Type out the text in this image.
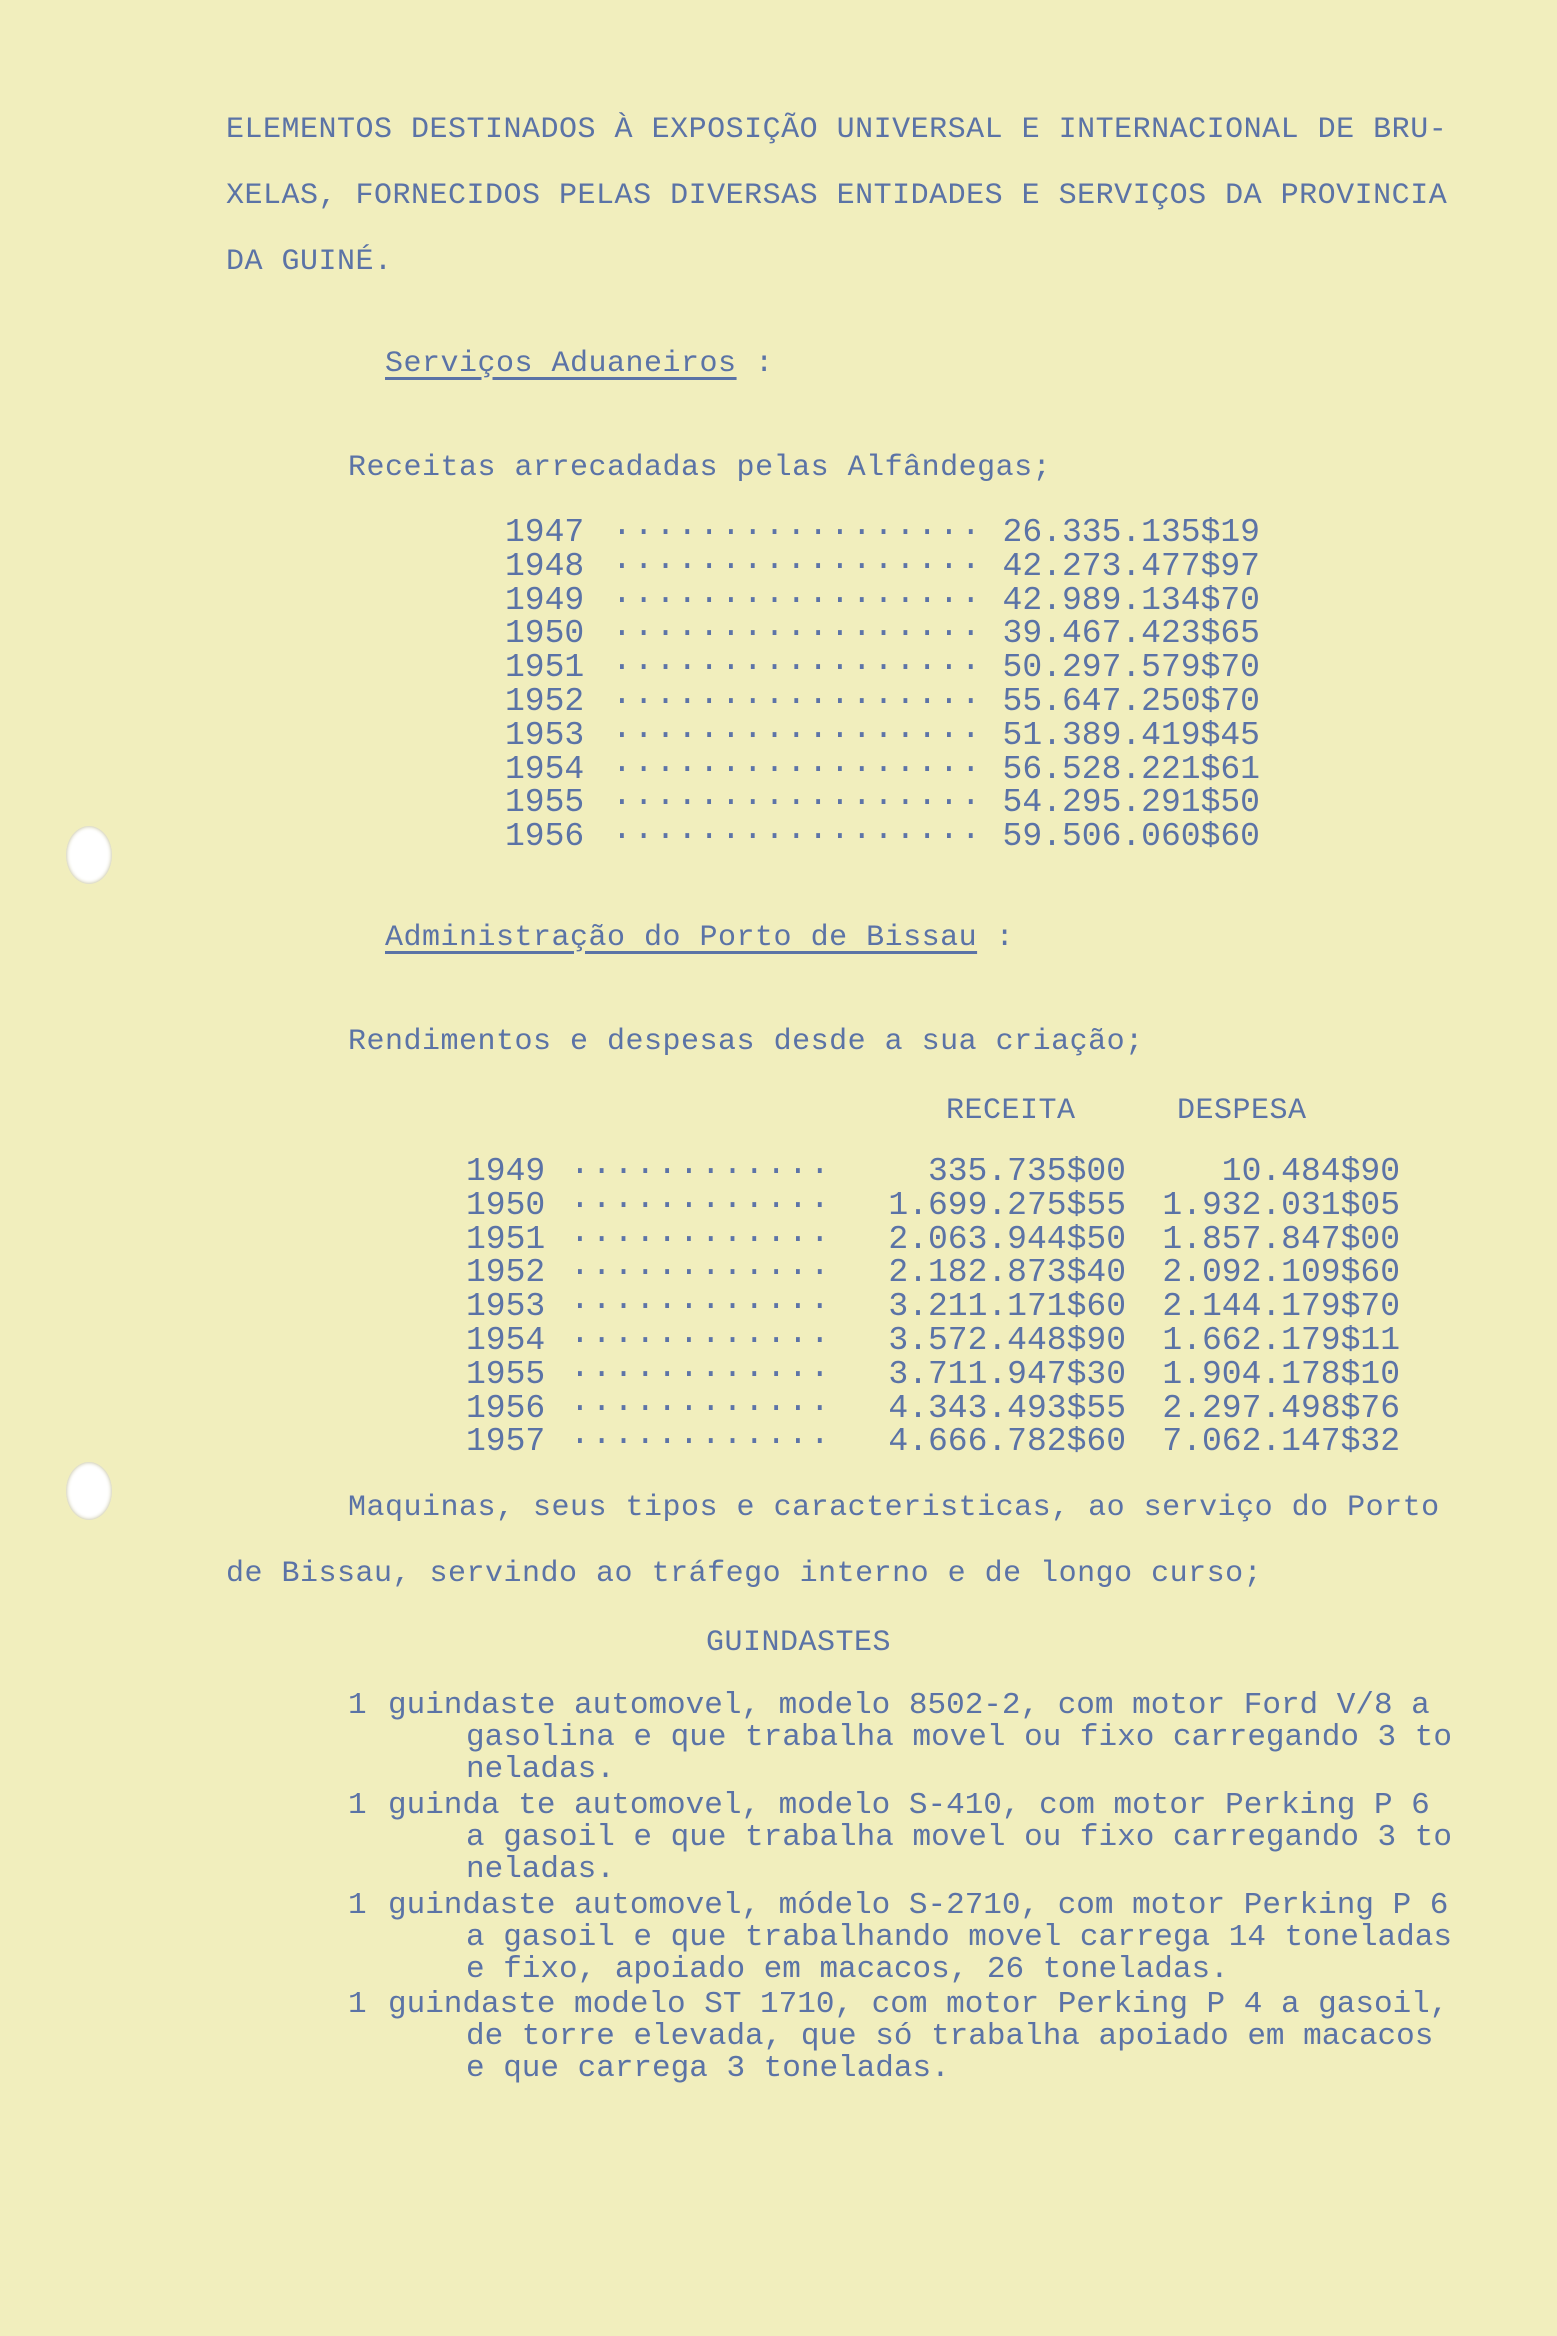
ELEMENTOS DESTINADOS À EXPOSIÇÃO UNIVERSAL E INTERNACIONAL DE BRU-
XELAS, FORNECIDOS PELAS DIVERSAS ENTIDADES E SERVIÇOS DA PROVINCIA
DA GUINÉ.
Serviços Aduaneiros :
Receitas arrecadadas pelas Alfândegas;
1947 ················· 26.335.135$19
1948 ················· 42.273.477$97
1949 ················· 42.989.134$70
1950 ················· 39.467.423$65
1951 ················· 50.297.579$70
1952 ················· 55.647.250$70
1953 ················· 51.389.419$45
1954 ················· 56.528.221$61
1955 ················· 54.295.291$50
1956 ················· 59.506.060$60
Administração do Porto de Bissau :
Rendimentos e despesas desde a sua criação;
RECEITA	DESPESA
1949 ············	335.735$00	10.484$90
1950 ············	1.699.275$55	1.932.031$05
1951 ············	2.063.944$50	1.857.847$00
1952 ············	2.182.873$40	2.092.109$60
1953 ············	3.211.171$60	2.144.179$70
1954 ············	3.572.448$90	1.662.179$11
1955 ············	3.711.947$30	1.904.178$10
1956 ············	4.343.493$55	2.297.498$76
1957 ············	4.666.782$60	7.062.147$32
Maquinas, seus tipos e caracteristicas, ao serviço do Porto
de Bissau, servindo ao tráfego interno e de longo curso;
GUINDASTES
1 guindaste automovel, modelo 8502-2, com motor Ford V/8 a
gasolina e que trabalha movel ou fixo carregando 3 to
neladas.
1 guinda te automovel, modelo S-410, com motor Perking P 6
a gasoil e que trabalha movel ou fixo carregando 3 to
neladas.
1 guindaste automovel, módelo S-2710, com motor Perking P 6
a gasoil e que trabalhando movel carrega 14 toneladas
e fixo, apoiado em macacos, 26 toneladas.
1 guindaste modelo ST 1710, com motor Perking P 4 a gasoil,
de torre elevada, que só trabalha apoiado em macacos
e que carrega 3 toneladas.
